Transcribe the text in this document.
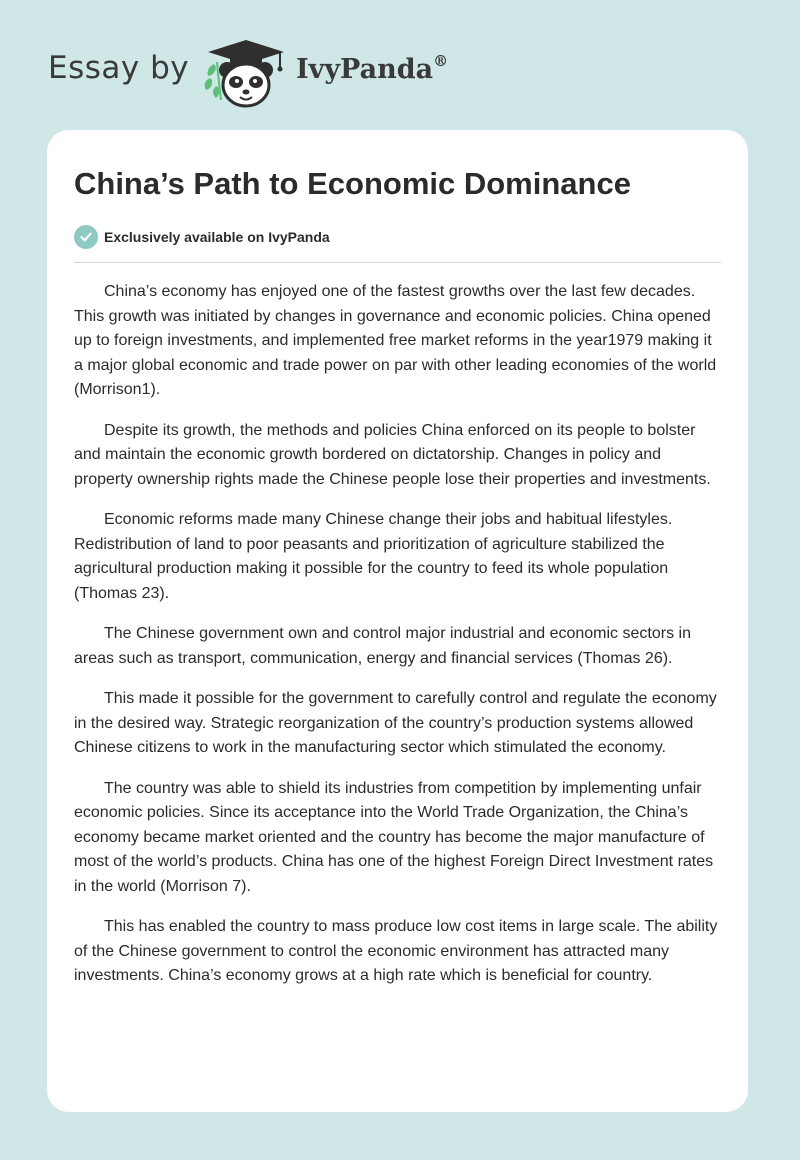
Essay by	IvyPanda®
China’s Path to Economic Dominance
Exclusively available on IvyPanda

China’s economy has enjoyed one of the fastest growths over the last few decades. This growth was initiated by changes in governance and economic policies. China opened up to foreign investments, and implemented free market reforms in the year1979 making it a major global economic and trade power on par with other leading economies of the world (Morrison1).

Despite its growth, the methods and policies China enforced on its people to bolster and maintain the economic growth bordered on dictatorship. Changes in policy and property ownership rights made the Chinese people lose their properties and investments.

Economic reforms made many Chinese change their jobs and habitual lifestyles. Redistribution of land to poor peasants and prioritization of agriculture stabilized the agricultural production making it possible for the country to feed its whole population (Thomas 23).

The Chinese government own and control major industrial and economic sectors in areas such as transport, communication, energy and financial services (Thomas 26).

This made it possible for the government to carefully control and regulate the economy in the desired way. Strategic reorganization of the country’s production systems allowed Chinese citizens to work in the manufacturing sector which stimulated the economy.

The country was able to shield its industries from competition by implementing unfair economic policies. Since its acceptance into the World Trade Organization, the China’s economy became market oriented and the country has become the major manufacture of most of the world’s products. China has one of the highest Foreign Direct Investment rates in the world (Morrison 7).

This has enabled the country to mass produce low cost items in large scale. The ability of the Chinese government to control the economic environment has attracted many investments. China’s economy grows at a high rate which is beneficial for country.
